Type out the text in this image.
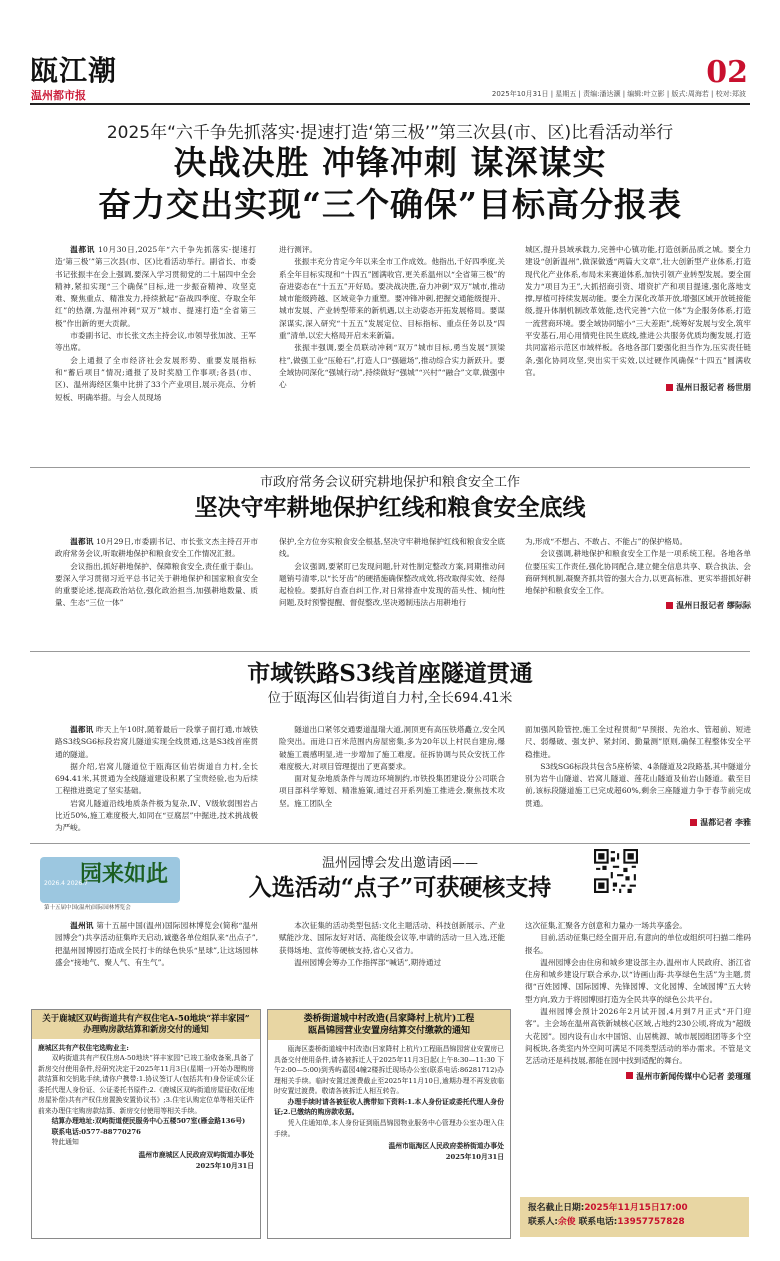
瓯江潮
温州都市报
02
2025年10月31日 | 星期五 | 责编:潘达灏 | 编辑:叶立影 | 版式:周海若 | 校对:郑波
2025年“六千争先抓落实·提速打造‘第三极’”第三次县(市、区)比看活动举行
决战决胜 冲锋冲刺 谋深谋实
奋力交出实现“三个确保”目标高分报表

温都讯 10月30日,2025年“六千争先抓落实·提速打造‘第三极’”第三次县(市、区)比看活动举行。副省长、市委书记张振丰在会上强调,要深入学习贯彻党的二十届四中全会精神,紧扣实现“三个确保”目标,进一步振奋精神、攻坚克难、聚焦重点、精准发力,持续掀起“奋战四季度、夺取全年红”的热潮,为温州冲刺“双万”城市、提速打造“全省第三极”作出新的更大贡献。

市委副书记、市长张文杰主持会议,市领导张加波、王军等出席。

会上通报了全市经济社会发展形势、重要发展指标和“蓄后项目”情况;通报了及时奖励工作事项;各县(市、区)、温州海经区集中比拼了33个产业项目,展示亮点、分析短板、明确举措。与会人员现场

进行测评。

张振丰充分肯定今年以来全市工作成效。他指出,千好四季度,关系全年目标实现和“十四五”圆满收官,更关系温州以“全省第三极”的奋进姿态在“十五五”开好局。要决战决胜,奋力冲刺“双万”城市,推动城市能级跨越、区域竞争力重塑。要冲锋冲刺,把握交通能级提升、城市发展、产业转型带来的新机遇,以主动姿态开拓发展格局。要谋深谋实,深入研究“十五五”发展定位、目标指标、重点任务以及“四重”清单,以宏大格局开启未来新篇。

张振丰强调,要全员联动冲刺“双万”城市目标,勇当发展“顶梁柱”,做强工业“压舱石”,打造人口“强磁场”,推动综合实力新跃升。要全域协同深化“强城行动”,持续做好“强城”“兴村”“融合”文章,做强中心

城区,提升县域承载力,完善中心镇功能,打造创新品质之城。要全力建设“创新温州”,做深做透“两篇大文章”,壮大创新型产业体系,打造现代化产业体系,布局未来赛道体系,加快引领产业转型发展。要全面发力“项目为王”,大抓招商引资、增资扩产和项目提速,强化落地支撑,厚植可持续发展动能。要全力深化改革开放,增强区域开放链接能级,提升体制机制改革效能,迭代完善“六位一体”为企服务体系,打造一流营商环境。要全域协同缩小“三大差距”,统筹好发展与安全,筑牢平安基石,用心用情兜住民生底线,推进公共服务优质均衡发展,打造共同富裕示范区市域样板。各地各部门要强化担当作为,压实责任链条,强化协同攻坚,突出实干实效,以过硬作风确保“十四五”圆满收官。

温州日报记者 杨世朋
市政府常务会议研究耕地保护和粮食安全工作
坚决守牢耕地保护红线和粮食安全底线

温都讯 10月29日,市委副书记、市长张文杰主持召开市政府常务会议,听取耕地保护和粮食安全工作情况汇报。

会议指出,抓好耕地保护、保障粮食安全,责任重于泰山。要深入学习贯彻习近平总书记关于耕地保护和国家粮食安全的重要论述,提高政治站位,强化政治担当,加强耕地数量、质量、生态“三位一体”

保护,全方位夯实粮食安全根基,坚决守牢耕地保护红线和粮食安全底线。

会议强调,要紧盯已发现问题,针对性制定整改方案,同期推动问题销号清零,以“长牙齿”的硬措施确保整改成效,将改取得实效、经得起检验。要抓好自查自纠工作,对日常排查中发现的苗头性、倾向性问题,及时预警提醒、督促整改,坚决遏制违法占用耕地行

为,形成“不想占、不敢占、不能占”的保护格局。

会议强调,耕地保护和粮食安全工作是一项系统工程。各地各单位要压实工作责任,强化协同配合,建立健全信息共享、联合执法、会商研判机制,凝聚齐抓共管的强大合力,以更高标准、更实举措抓好耕地保护和粮食安全工作。

温州日报记者 缪际际
市域铁路S3线首座隧道贯通
位于瓯海区仙岩街道自力村,全长694.41米

温都讯 昨天上午10时,随着最后一段掌子面打通,市域铁路S3线SG6标段岩窝儿隧道实现全线贯通,这是S3线首座贯通的隧道。

据介绍,岩窝儿隧道位于瓯海区仙岩街道自力村,全长694.41米,其贯通为全线隧道建设积累了宝贵经验,也为后续工程推进奠定了坚实基础。

岩窝儿隧道沿线地质条件极为复杂,Ⅳ、Ⅴ级软弱围岩占比近50%,施工难度极大,如同在“豆腐层”中掘进,技术挑战极为严峻。

隧道出口紧邻交通要道温瑞大道,洞顶更有高压铁塔矗立,安全风险突出。而进口百米范围内房屋密集,多为20年以上村民自建房,爆破施工震感明显,进一步增加了施工难度。征拆协调与民众安抚工作难度极大,对项目管理提出了更高要求。

面对复杂地质条件与周边环境制约,市铁投集团建设分公司联合项目部科学筹划、精准施策,通过召开系列施工推进会,聚焦技术攻坚。施工团队全

面加强风险管控,施工全过程贯彻“早预报、先治水、管超前、短进尺、弱爆破、强支护、紧封闭、勤量测”原则,确保工程整体安全平稳推进。

S3线SG6标段共包含5座桥梁、4条隧道及2段路基,其中隧道分别为岩牛山隧道、岩窝儿隧道、莲花山隧道及仙岩山隧道。截至目前,该标段隧道施工已完成超60%,剩余三座隧道力争于春节前完成贯通。

温都记者 李雅
园来如此
2026.4 2026.7
第十五届中国(温州)国际园林博览会
温州园博会发出邀请函——
入选活动“点子”可获硬核支持

温州讯 第十五届中国(温州)国际园林博览会(简称“温州园博会”)共享活动征集昨天启动,诚邀各单位组队来“出点子”,把温州园博园打造成全民打卡的绿色快乐“星球”,让这场园林盛会“接地气、聚人气、有生气”。

本次征集的活动类型包括:文化主题活动、科技创新展示、产业赋能沙龙、国际友好对话、高能级会议等,申请的活动一旦入选,还能获得场地、宣传等硬核支持,省心又省力。

温州园博会筹办工作指挥部“喊话”,期待通过

这次征集,汇聚各方创意和力量办一场共享盛会。

目前,活动征集已经全面开启,有意向的单位或组织可扫描二维码报名。

温州园博会由住房和城乡建设部主办,温州市人民政府、浙江省住房和城乡建设厅联合承办,以“诗画山海·共享绿色生活”为主题,贯彻“百姓园博、国际园博、先锋园博、文化园博、全域园博”五大转型方向,致力于将园博园打造为全民共享的绿色公共平台。

温州园博会预计2026年2月试开园,4月到7月正式“开门迎客”。主会场在温州高铁新城核心区域,占地约230公顷,将成为“超级大花园”。园内设有山水中国馆、山居桃源、城市展园组团等多个空间板块,各类室内外空间可满足不同类型活动的举办需求。不管是文艺活动还是科技展,都能在园中找到适配的舞台。

温州市新闻传媒中心记者 姜瑾瑾
关于鹿城区双屿街道共有产权住宅A-50地块“祥丰家园”
办理购房款结算和新房交付的通知
鹿城区共有产权住宅选购业主:

双屿街道共有产权住房A-50地块“祥丰家园”已竣工验收备案,具备了新房交付使用条件,经研究决定于2025年11月3日(星期一)开始办理购房款结算和交钥匙手续,请你户携带:1.协议签订人(包括共有)身份证或公证委托代理人身份证、公证委托书原件;2.《鹿城区双屿街道房屋征收(征地房屋补偿)共有产权住房置换安置协议书》;3.住宅认购定位单等相关证件前来办理住宅购房款结算、新房交付使用等相关手续。

结算办理地址:双屿街道便民服务中心五楼507室(雁金路136号)

联系电话:0577-88770276

特此通知

温州市鹿城区人民政府双屿街道办事处
2025年10月31日
娄桥街道城中村改造(吕家降村上杭片)工程
瓯昌锦园营业安置房结算交付缴款的通知

瓯海区娄桥街道城中村改造(吕家降村上杭片)工程瓯昌锦园营业安置房已具备交付使用条件,请各被拆迁人于2025年11月3日起(上午8:30—11:30 下午2:00—5:00)到秀屿嘉园4幢2楼拆迁现场办公室(联系电话:86281712)办理相关手续。临时安置过渡费截止至2025年11月10日,逾期办理不再发放临时安置过渡费。敬请各被拆迁人相互转告。

办理手续时请各被征收人携带如下资料:1.本人身份证或委托代理人身份证;2.已缴纳的购房款收据。

凭入住通知单,本人身份证到瓯昌锦园物业服务中心管理办公室办理入住手续。

温州市瓯海区人民政府娄桥街道办事处
2025年10月31日
报名截止日期:2025年11月15日17:00
联系人:余俊 联系电话:13957757828
